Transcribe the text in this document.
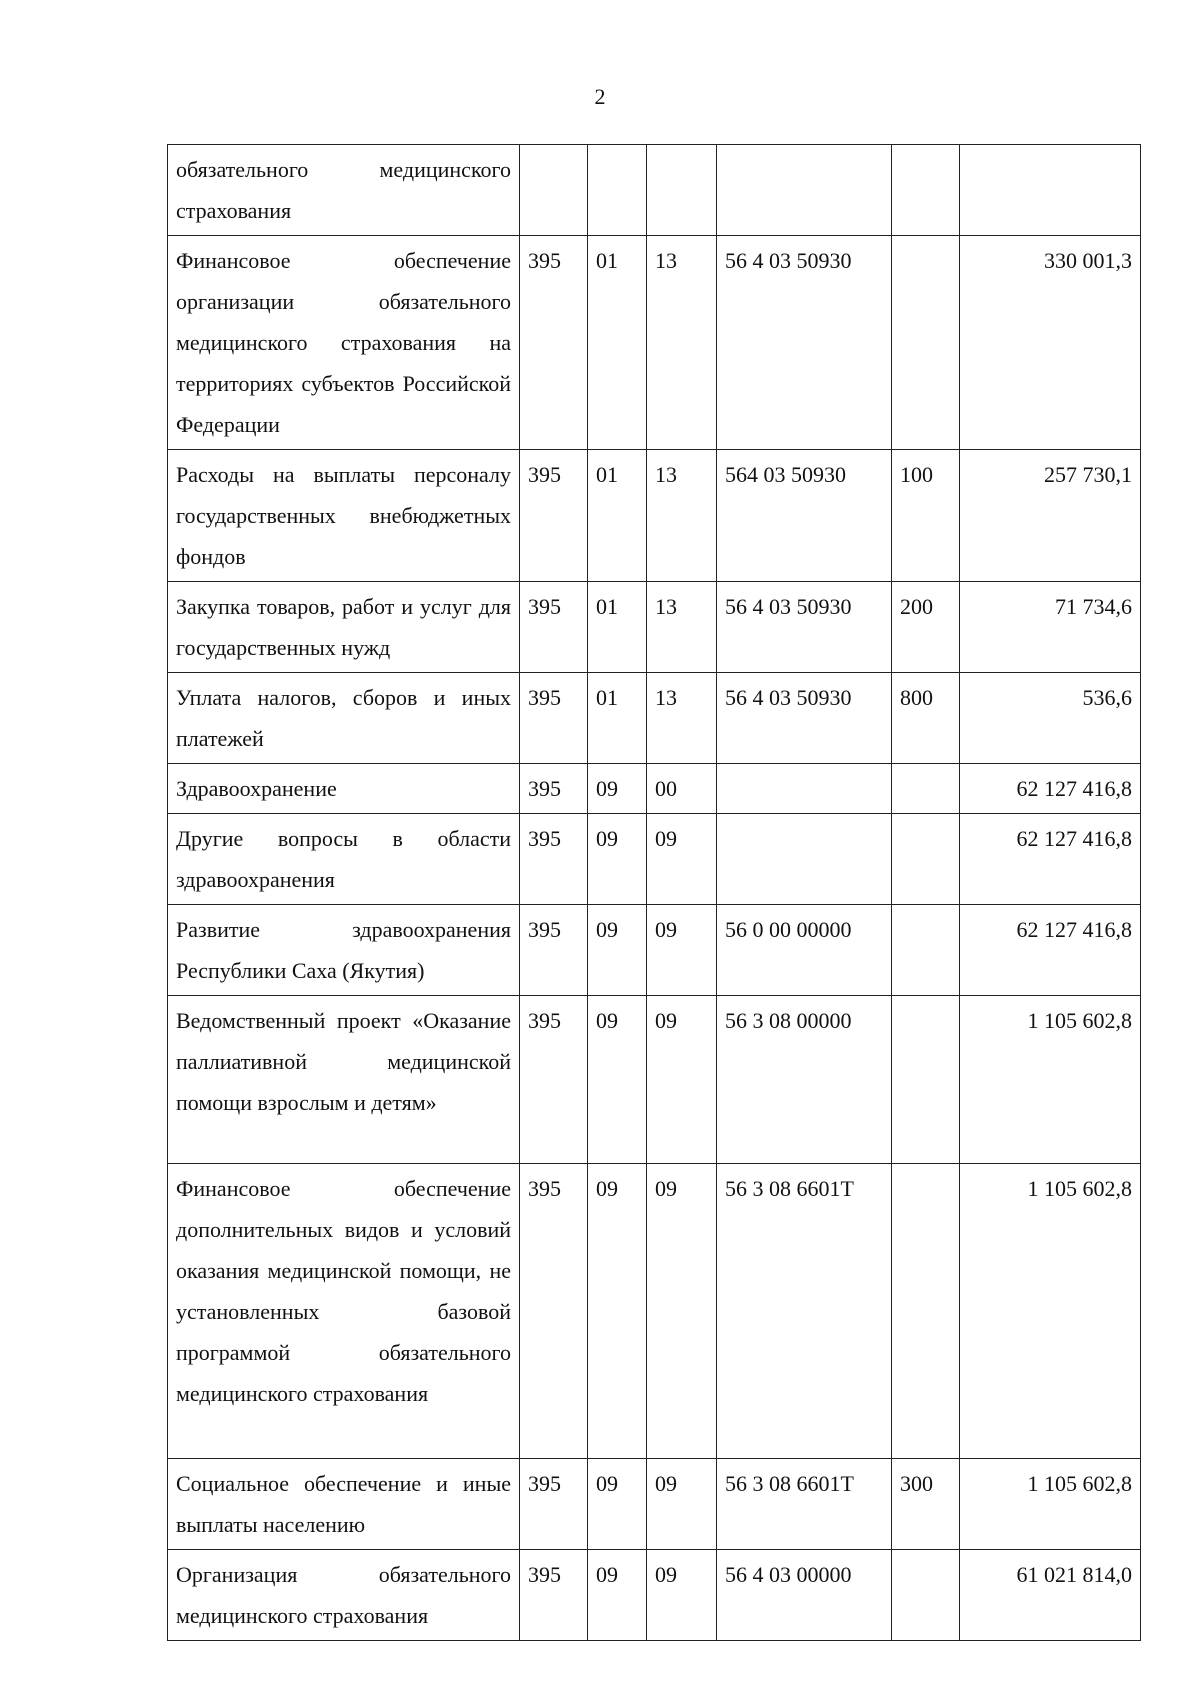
2
обязательного медицинского страхования						
Финансовое обеспечение организации обязательного медицинского страхования на территориях субъектов Российской Федерации	395	01	13	56 4 03 50930		330 001,3
Расходы на выплаты персоналу государственных внебюджетных фондов	395	01	13	564 03 50930	100	257 730,1
Закупка товаров, работ и услуг для государственных нужд	395	01	13	56 4 03 50930	200	71 734,6
Уплата налогов, сборов и иных платежей	395	01	13	56 4 03 50930	800	536,6
Здравоохранение	395	09	00			62 127 416,8
Другие вопросы в области здравоохранения	395	09	09			62 127 416,8
Развитие здравоохранения Республики Саха (Якутия)	395	09	09	56 0 00 00000		62 127 416,8
Ведомственный проект «Оказание паллиативной медицинской помощи взрослым и детям»	395	09	09	56 3 08 00000		1 105 602,8
Финансовое обеспечение дополнительных видов и условий оказания медицинской помощи, не установленных базовой программой обязательного медицинского страхования	395	09	09	56 3 08 6601Т		1 105 602,8
Социальное обеспечение и иные выплаты населению	395	09	09	56 3 08 6601Т	300	1 105 602,8
Организация обязательного медицинского страхования	395	09	09	56 4 03 00000		61 021 814,0
